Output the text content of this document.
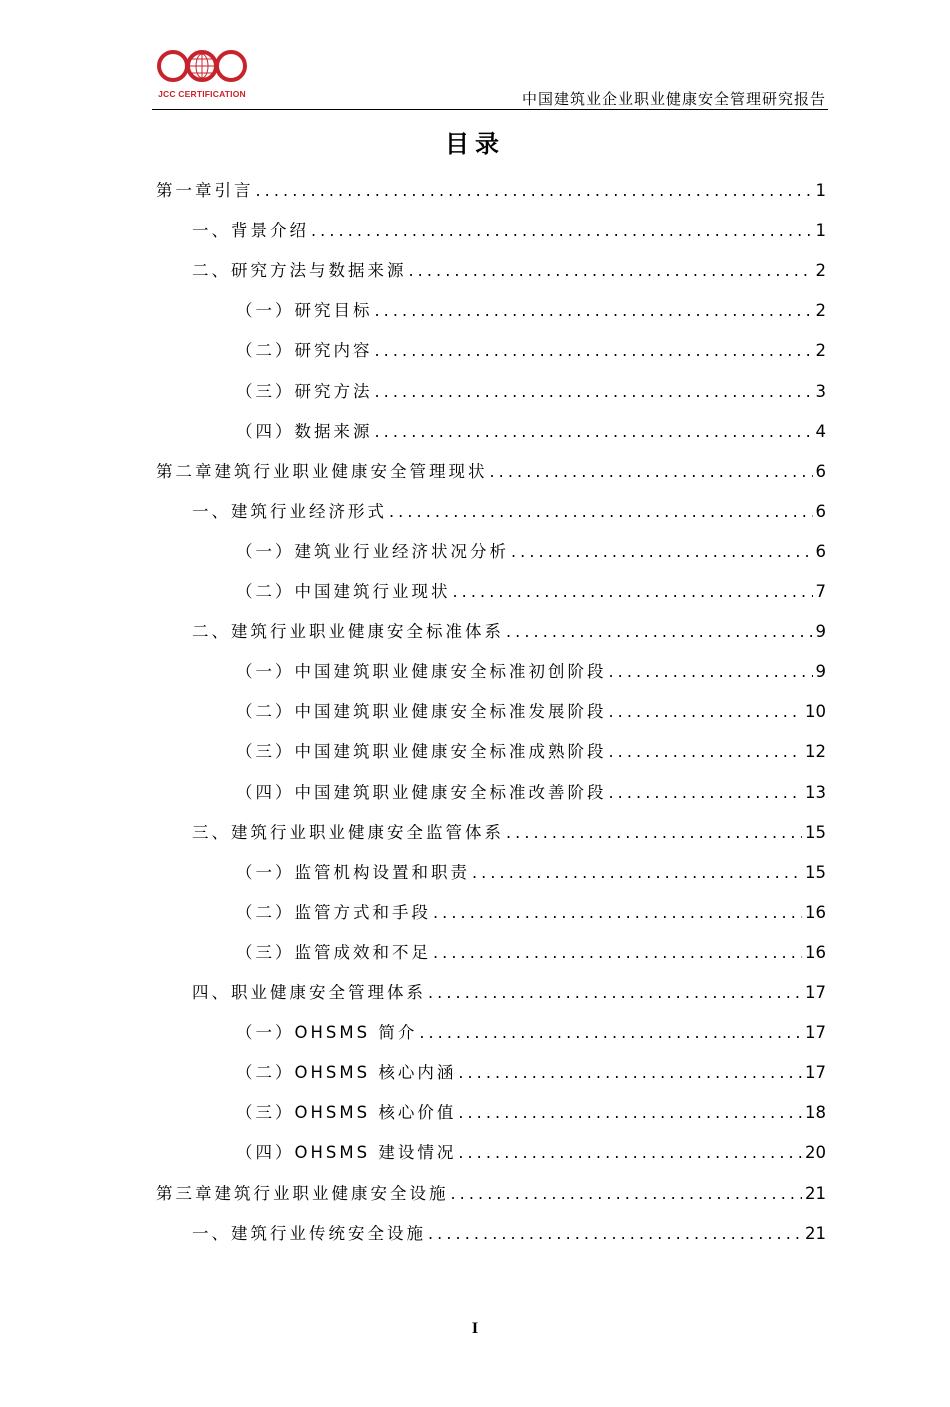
JCC CERTIFICATION	中国建筑业企业职业健康安全管理研究报告
目录
第一章引言 . . .	1
一、背景介绍 . . .	1
二、研究方法与数据来源 . . .	2
（一）研究目标 . . .	2
（二）研究内容 . . .	2
（三）研究方法 . . .	3
（四）数据来源 . . .	4
第二章建筑行业职业健康安全管理现状 . . .	6
一、建筑行业经济形式 . . .	6
（一）建筑业行业经济状况分析 . . .	6
（二）中国建筑行业现状 . . .	7
二、建筑行业职业健康安全标准体系 . . .	9
（一）中国建筑职业健康安全标准初创阶段 . . .	9
（二）中国建筑职业健康安全标准发展阶段 . . .	10
（三）中国建筑职业健康安全标准成熟阶段 . . .	12
（四）中国建筑职业健康安全标准改善阶段 . . .	13
三、建筑行业职业健康安全监管体系 . . .	15
（一）监管机构设置和职责 . . .	15
（二）监管方式和手段 . . .	16
（三）监管成效和不足 . . .	16
四、职业健康安全管理体系 . . .	17
（一）OHSMS 简介 . . .	17
（二）OHSMS 核心内涵 . . .	17
（三）OHSMS 核心价值 . . .	18
（四）OHSMS 建设情况 . . .	20
第三章建筑行业职业健康安全设施 . . .	21
一、建筑行业传统安全设施 . . .	21
I
